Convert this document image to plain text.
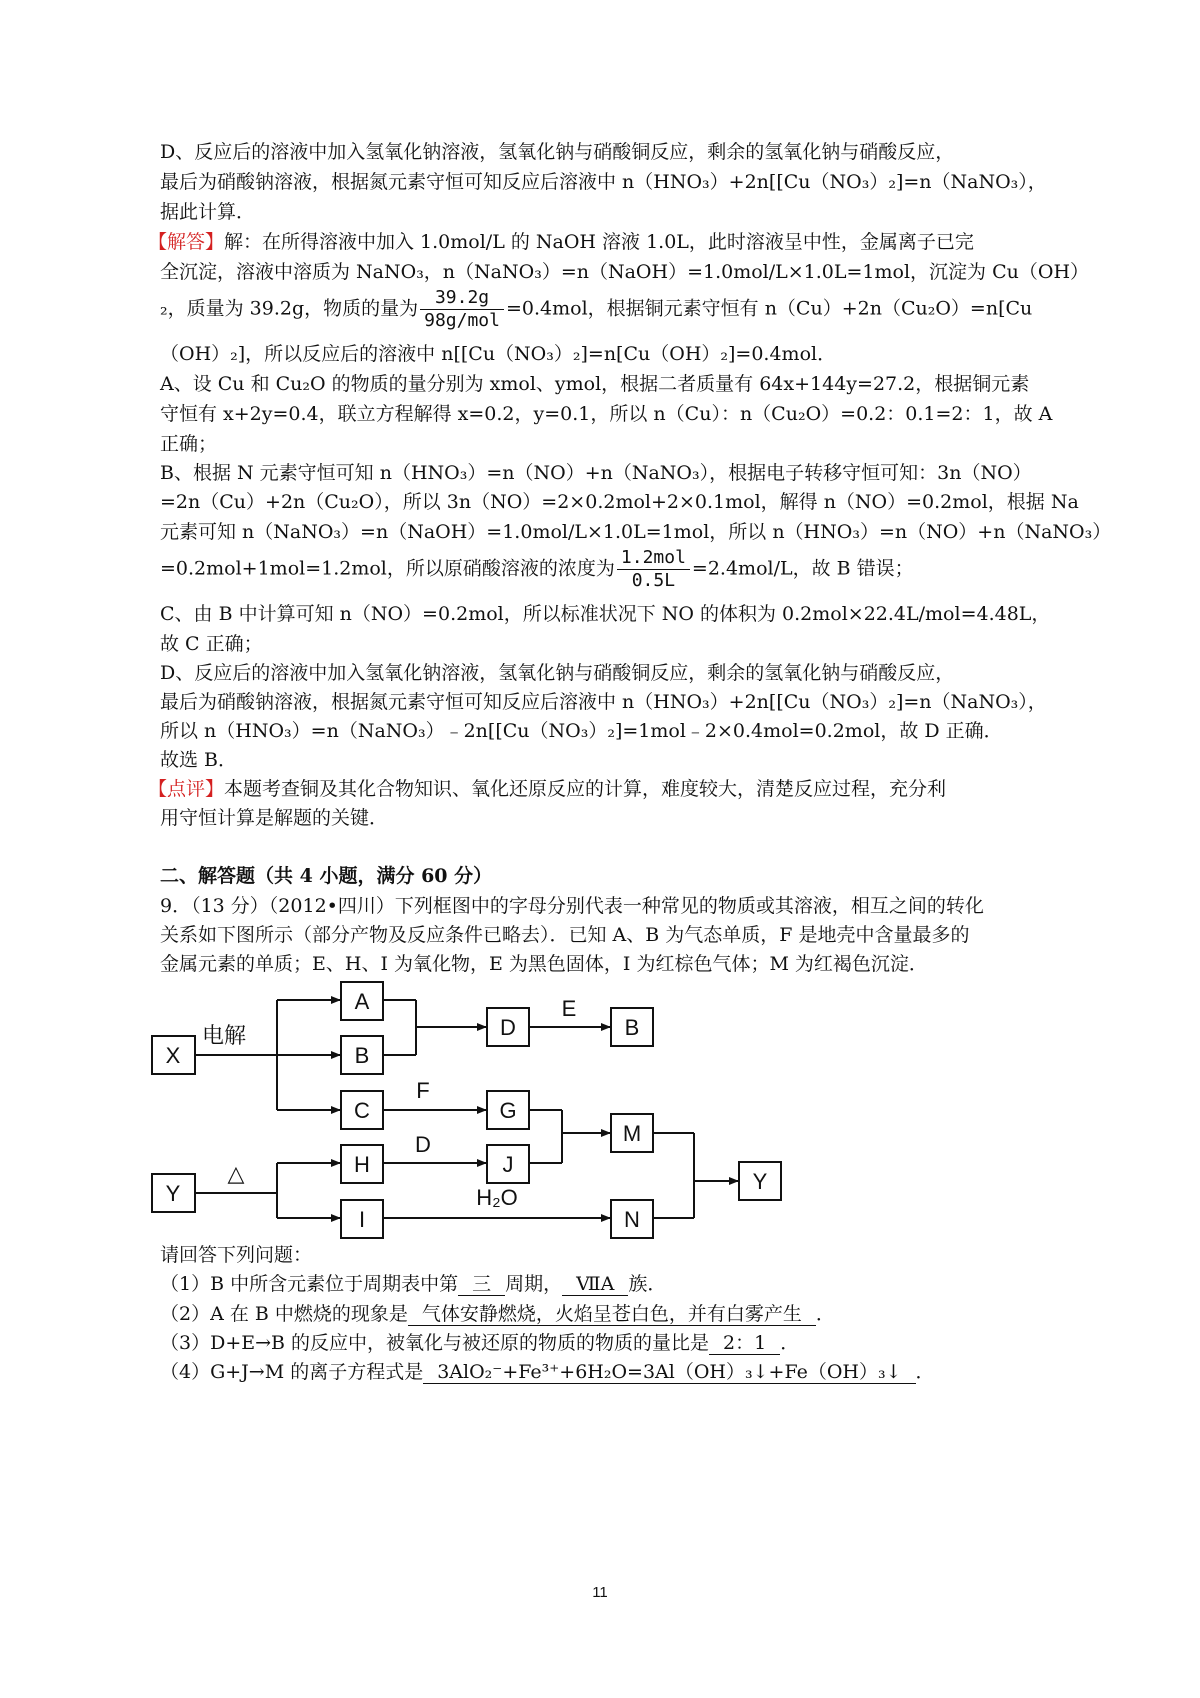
D、反应后的溶液中加入氢氧化钠溶液，氢氧化钠与硝酸铜反应，剩余的氢氧化钠与硝酸反应，
最后为硝酸钠溶液，根据氮元素守恒可知反应后溶液中 n（HNO₃）+2n[[Cu（NO₃）₂]=n（NaNO₃），
据此计算．
【解答】解：在所得溶液中加入 1.0mol/L 的 NaOH 溶液 1.0L，此时溶液呈中性，金属离子已完
全沉淀，溶液中溶质为 NaNO₃，n（NaNO₃）=n（NaOH）=1.0mol/L×1.0L=1mol，沉淀为 Cu（OH）
₂，质量为 39.2g，物质的量为 $\frac{39.2g}{\text{98g/mol}} =0.4mol$，根据铜元素守恒有 n（Cu）+2n（Cu₂O）=n[Cu
（OH）₂]，所以反应后的溶液中 n[[Cu（NO₃）₂]=n[Cu（OH）₂]=0.4mol．
A、设 Cu 和 Cu₂O 的物质的量分别为 xmol、ymol，根据二者质量有 64x+144y=27.2，根据铜元素
守恒有 x+2y=0.4，联立方程解得 x=0.2，y=0.1，所以 n（Cu）：n（Cu₂O）=0.2：0.1=2：1，故 A
正确；
B、根据 N 元素守恒可知 n（HNO₃）=n（NO）+n（NaNO₃），根据电子转移守恒可知：3n（NO）
=2n（Cu）+2n（Cu₂O），所以 3n（NO）=2×0.2mol+2×0.1mol，解得 n（NO）=0.2mol，根据 Na
元素可知 n（NaNO₃）=n（NaOH）=1.0mol/L×1.0L=1mol，所以 n（HNO₃）=n（NO）+n（NaNO₃）
=0.2mol+1mol=1.2mol，所以原硝酸溶液的浓度为 $\frac{\text{1.2mol}}{0.5L} =2.4mol/L$，故 B 错误；
C、由 B 中计算可知 n（NO）=0.2mol，所以标准状况下 NO 的体积为 0.2mol×22.4L/mol=4.48L，
故 C 正确；
D、反应后的溶液中加入氢氧化钠溶液，氢氧化钠与硝酸铜反应，剩余的氢氧化钠与硝酸反应，
最后为硝酸钠溶液，根据氮元素守恒可知反应后溶液中 n（HNO₃）+2n[[Cu（NO₃）₂]=n（NaNO₃），
所以 n（HNO₃）=n（NaNO₃）﹣2n[[Cu（NO₃）₂]=1mol﹣2×0.4mol=0.2mol，故 D 正确．
故选 B．
【点评】本题考查铜及其化合物知识、氧化还原反应的计算，难度较大，清楚反应过程，充分利
用守恒计算是解题的关键．
二、解答题（共 4 小题，满分 60 分）
9．（13 分）（2012•四川）下列框图中的字母分别代表一种常见的物质或其溶液，相互之间的转化
关系如下图所示（部分产物及反应条件已略去）．已知 A、B 为气态单质，F 是地壳中含量最多的
金属元素的单质；E、H、I 为氧化物，E 为黑色固体，I 为红棕色气体；M 为红褐色沉淀．
X
A
B
C
D	B
G
M
Y
H	J
I	N
Y
电解
△
E
F
D
H₂O
请回答下列问题：
（1）B 中所含元素位于周期表中第 三 周期， ⅦA 族．
（2）A 在 B 中燃烧的现象是 气体安静燃烧，火焰呈苍白色，并有白雾产生 ．
（3）D+E→B 的反应中，被氧化与被还原的物质的物质的量比是 2：1 ．
（4）G+J→M 的离子方程式是 3AlO₂⁻+Fe³⁺+6H₂O=3Al（OH）₃↓+Fe（OH）₃↓ ．
11
